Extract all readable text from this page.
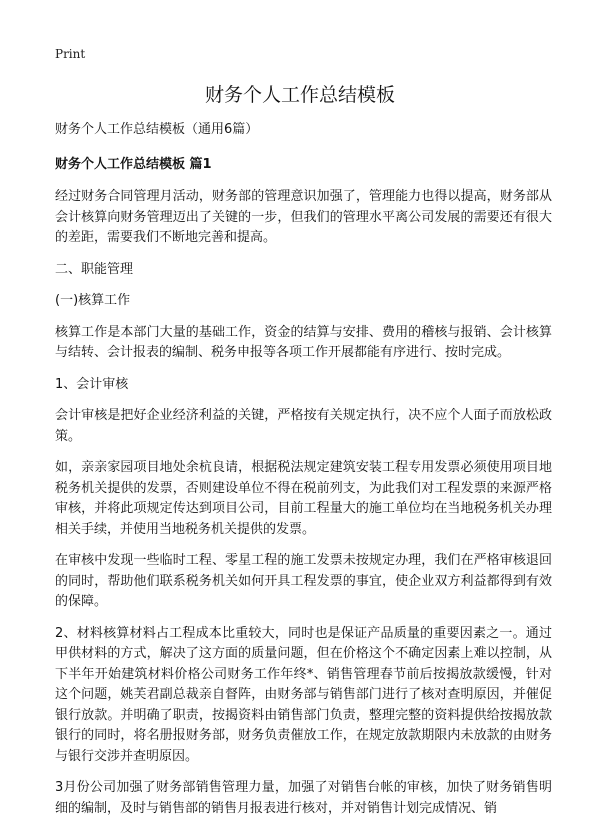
Print
财务个人工作总结模板

财务个人工作总结模板（通用6篇）

财务个人工作总结模板 篇1

经过财务合同管理月活动，财务部的管理意识加强了，管理能力也得以提高，财务部从会计核算向财务管理迈出了关键的一步，但我们的管理水平离公司发展的需要还有很大的差距，需要我们不断地完善和提高。

二、职能管理

(一)核算工作

核算工作是本部门大量的基础工作，资金的结算与安排、费用的稽核与报销、会计核算与结转、会计报表的编制、税务申报等各项工作开展都能有序进行、按时完成。

1、会计审核

会计审核是把好企业经济利益的关键，严格按有关规定执行，决不应个人面子而放松政策。

如，亲亲家园项目地处余杭良请，根据税法规定建筑安装工程专用发票必须使用项目地税务机关提供的发票，否则建设单位不得在税前列支，为此我们对工程发票的来源严格审核，并将此项规定传达到项目公司，目前工程量大的施工单位均在当地税务机关办理相关手续，并使用当地税务机关提供的发票。

在审核中发现一些临时工程、零星工程的施工发票未按规定办理，我们在严格审核退回的同时，帮助他们联系税务机关如何开具工程发票的事宜，使企业双方利益都得到有效的保障。

2、材料核算材料占工程成本比重较大，同时也是保证产品质量的重要因素之一。通过甲供材料的方式，解决了这方面的质量问题，但在价格这个不确定因素上难以控制，从下半年开始建筑材料价格公司财务工作年终*、销售管理春节前后按揭放款缓慢，针对这个问题，姚芙君副总裁亲自督阵，由财务部与销售部门进行了核对查明原因，并催促银行放款。并明确了职责，按揭资料由销售部门负责，整理完整的资料提供给按揭放款银行的同时，将名册报财务部，财务负责催放工作，在规定放款期限内未放款的由财务与银行交涉并查明原因。

3月份公司加强了财务部销售管理力量，加强了对销售台帐的审核，加快了财务销售明细的编制，及时与销售部的销售月报表进行核对，并对销售计划完成情况、销
